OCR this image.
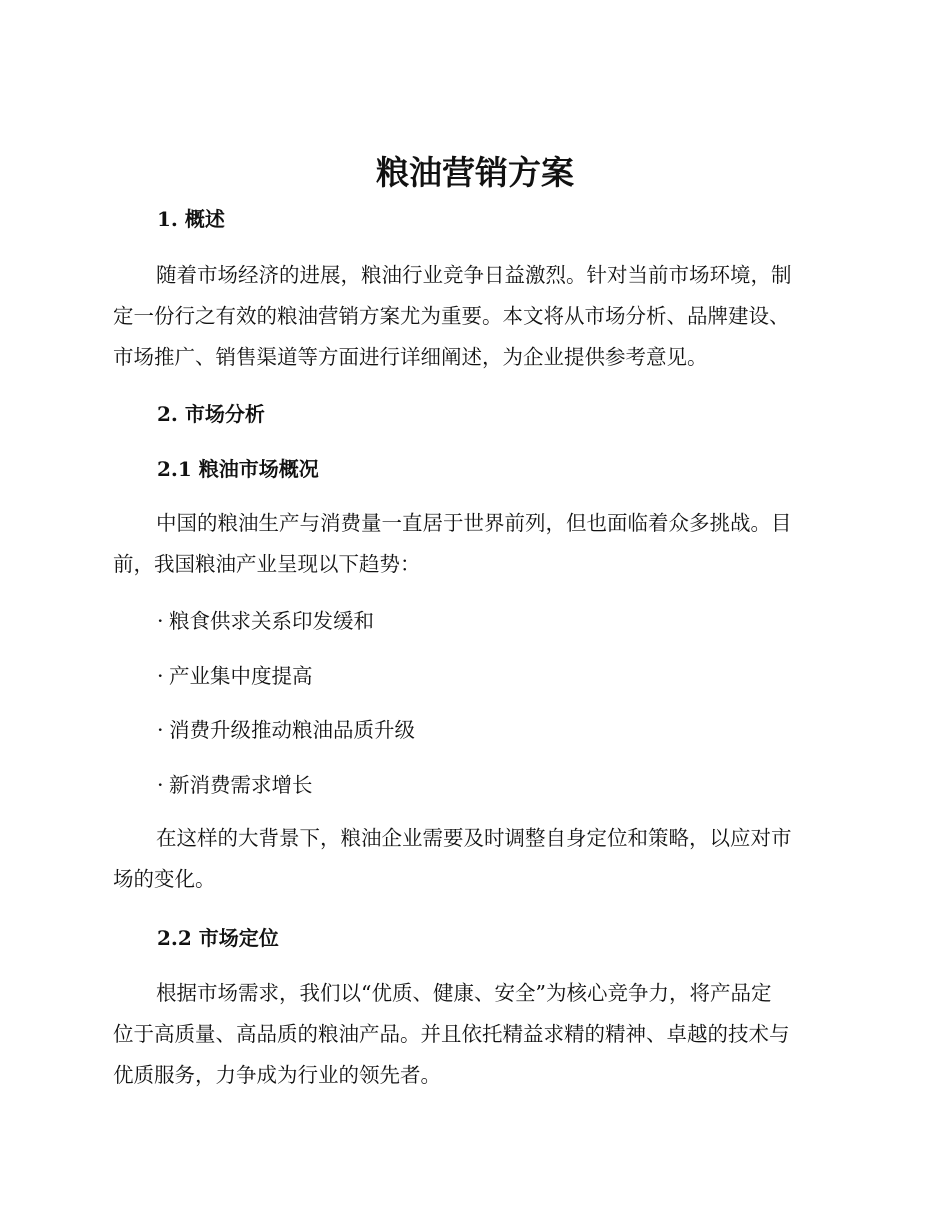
粮油营销方案
1. 概述

随着市场经济的进展，粮油行业竞争日益激烈。针对当前市场环境，制
定一份行之有效的粮油营销方案尤为重要。本文将从市场分析、品牌建设、
市场推广、销售渠道等方面进行详细阐述，为企业提供参考意见。

2. 市场分析
2.1 粮油市场概况

中国的粮油生产与消费量一直居于世界前列，但也面临着众多挑战。目
前，我国粮油产业呈现以下趋势：

· 粮食供求关系印发缓和

· 产业集中度提高

· 消费升级推动粮油品质升级

· 新消费需求增长

在这样的大背景下，粮油企业需要及时调整自身定位和策略，以应对市
场的变化。

2.2 市场定位

根据市场需求，我们以“优质、健康、安全”为核心竞争力，将产品定
位于高质量、高品质的粮油产品。并且依托精益求精的精神、卓越的技术与
优质服务，力争成为行业的领先者。
